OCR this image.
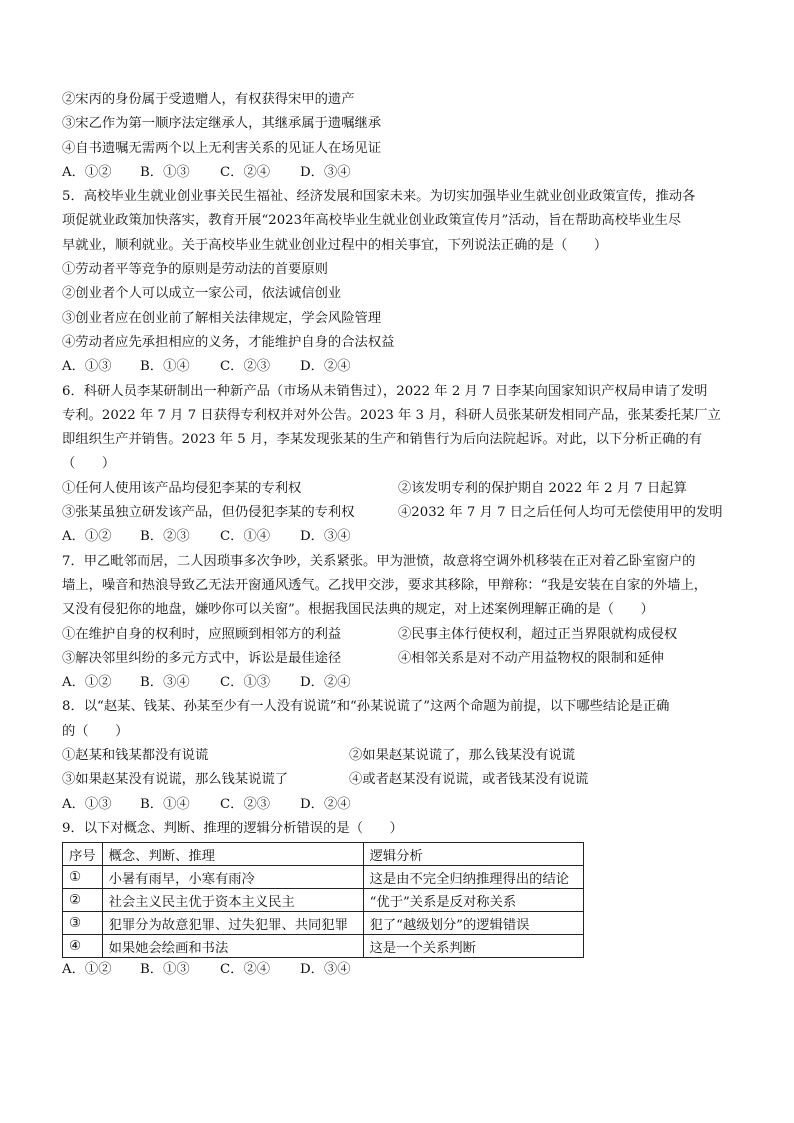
②宋丙的身份属于受遗赠人，有权获得宋甲的遗产
③宋乙作为第一顺序法定继承人，其继承属于遗嘱继承
④自书遗嘱无需两个以上无利害关系的见证人在场见证
A．①②	B．①③	C．②④	D．③④
5．高校毕业生就业创业事关民生福祉、经济发展和国家未来。为切实加强毕业生就业创业政策宣传，推动各
项促就业政策加快落实，教育开展“2023年高校毕业生就业创业政策宣传月”活动，旨在帮助高校毕业生尽
早就业，顺利就业。关于高校毕业生就业创业过程中的相关事宜，下列说法正确的是（　　）
①劳动者平等竞争的原则是劳动法的首要原则
②创业者个人可以成立一家公司，依法诚信创业
③创业者应在创业前了解相关法律规定，学会风险管理
④劳动者应先承担相应的义务，才能维护自身的合法权益
A．①③	B．①④	C．②③	D．②④
6．科研人员李某研制出一种新产品（市场从未销售过），2022 年 2 月 7 日李某向国家知识产权局申请了发明
专利。2022 年 7 月 7 日获得专利权并对外公告。2023 年 3 月，科研人员张某研发相同产品，张某委托某厂立
即组织生产并销售。2023 年 5 月，李某发现张某的生产和销售行为后向法院起诉。对此，以下分析正确的有
（　　）
①任何人使用该产品均侵犯李某的专利权	②该发明专利的保护期自 2022 年 2 月 7 日起算
③张某虽独立研发该产品，但仍侵犯李某的专利权	④2032 年 7 月 7 日之后任何人均可无偿使用甲的发明
A．①②	B．②③	C．①④	D．③④
7．甲乙毗邻而居，二人因琐事多次争吵，关系紧张。甲为泄愤，故意将空调外机移装在正对着乙卧室窗户的
墙上，噪音和热浪导致乙无法开窗通风透气。乙找甲交涉，要求其移除，甲辩称：“我是安装在自家的外墙上，
又没有侵犯你的地盘，嫌吵你可以关窗”。根据我国民法典的规定，对上述案例理解正确的是（　　）
①在维护自身的权利时，应照顾到相邻方的利益	②民事主体行使权利，超过正当界限就构成侵权
③解决邻里纠纷的多元方式中，诉讼是最佳途径	④相邻关系是对不动产用益物权的限制和延伸
A．①②	B．③④	C．①③	D．②④
8．以“赵某、钱某、孙某至少有一人没有说谎”和“孙某说谎了”这两个命题为前提，以下哪些结论是正确
的（　　）
①赵某和钱某都没有说谎	②如果赵某说谎了，那么钱某没有说谎
③如果赵某没有说谎，那么钱某说谎了	④或者赵某没有说谎，或者钱某没有说谎
A．①③	B．①④	C．②③	D．②④
9．以下对概念、判断、推理的逻辑分析错误的是（　　）
序号	概念、判断、推理	逻辑分析
①	小暑有雨早，小寒有雨冷	这是由不完全归纳推理得出的结论
②	社会主义民主优于资本主义民主	“优于”关系是反对称关系
③	犯罪分为故意犯罪、过失犯罪、共同犯罪	犯了“越级划分”的逻辑错误
④	如果她会绘画和书法	这是一个关系判断
A．①②	B．①③	C．②④	D．③④
